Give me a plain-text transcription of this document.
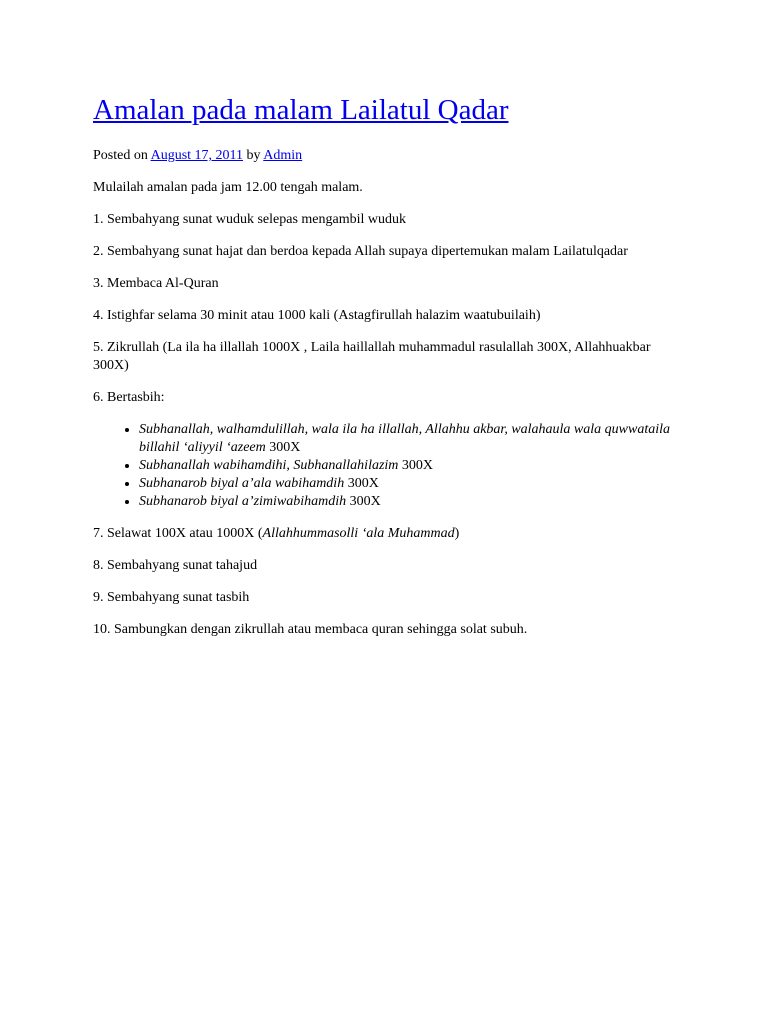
Amalan pada malam Lailatul Qadar
Posted on August 17, 2011 by Admin

Mulailah amalan pada jam 12.00 tengah malam.

1. Sembahyang sunat wuduk selepas mengambil wuduk

2. Sembahyang sunat hajat dan berdoa kepada Allah supaya dipertemukan malam Lailatulqadar

3. Membaca Al-Quran

4. Istighfar selama 30 minit atau 1000 kali (Astagfirullah halazim waatubuilaih)

5. Zikrullah (La ila ha illallah 1000X , Laila haillallah muhammadul rasulallah 300X, Allahhuakbar 300X)

6. Bertasbih:

• Subhanallah, walhamdulillah, wala ila ha illallah, Allahhu akbar, walahaula wala quwwataila billahil ‘aliyyil ‘azeem 300X
• Subhanallah wabihamdihi, Subhanallahilazim 300X
• Subhanarob biyal a’ala wabihamdih 300X
• Subhanarob biyal a’zimiwabihamdih 300X

7. Selawat 100X atau 1000X (Allahhummasolli ‘ala Muhammad)

8. Sembahyang sunat tahajud

9. Sembahyang sunat tasbih

10. Sambungkan dengan zikrullah atau membaca quran sehingga solat subuh.
